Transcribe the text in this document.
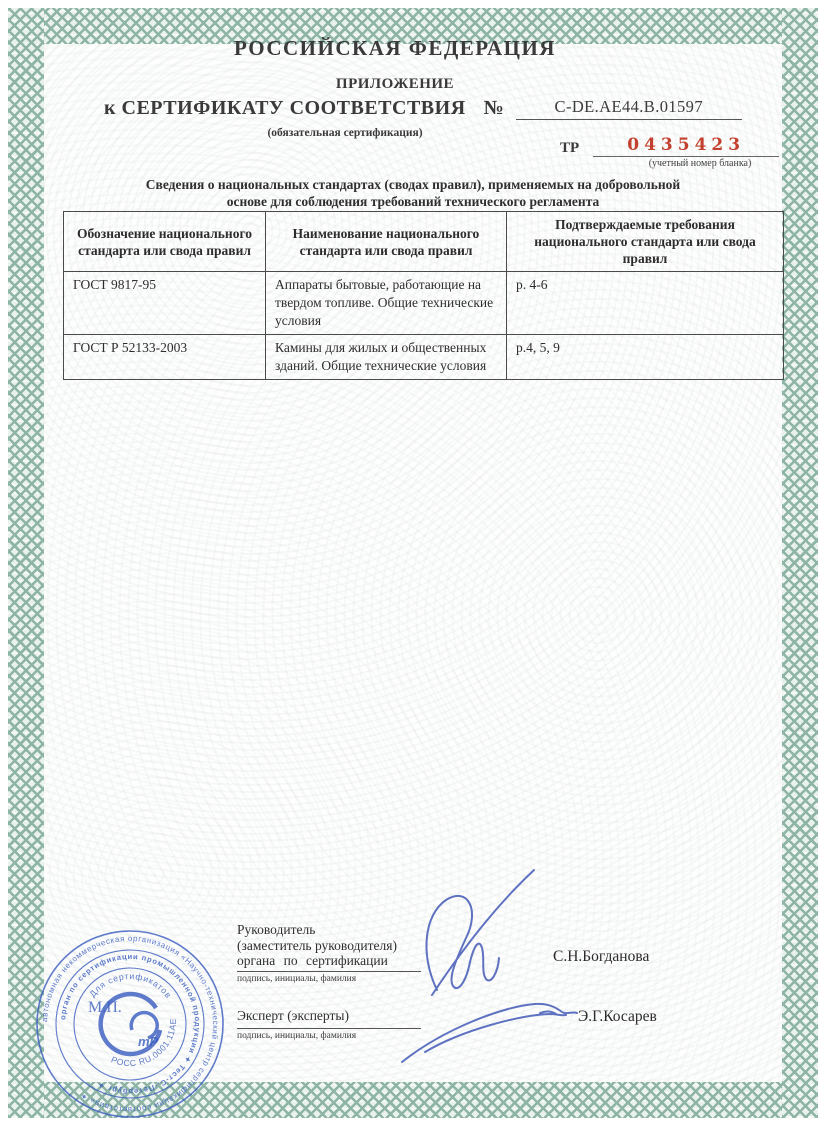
РОССИЙСКАЯ ФЕДЕРАЦИЯ
ПРИЛОЖЕНИЕ
к СЕРТИФИКАТУ СООТВЕТСТВИЯ №	C-DE.AE44.B.01597
(обязательная сертификация)
ТР	0435423
(учетный номер бланка)
Сведения о национальных стандартах (сводах правил), применяемых на добровольной
основе для соблюдения требований технического регламента
Обозначение национального стандарта или свода правил	Наименование национального стандарта или свода правил	Подтверждаемые требования национального стандарта или свода правил
ГОСТ 9817-95	Аппараты бытовые, работающие на твердом топливе. Общие технические условия	р. 4-6
ГОСТ Р 52133-2003	Камины для жилых и общественных зданий. Общие технические условия	р.4, 5, 9
Руководитель
(заместитель руководителя)
органа по сертификации
подпись, инициалы, фамилия
С.Н.Богданова
Эксперт (эксперты)
подпись, инициалы, фамилия
Э.Г.Косарев
автономная некоммерческая организация «Научно-технический центр сертификации соответствия» ✦
орган по сертификации промышленной продукции ✦ Тест-С.-Петербург ✦
Для сертификатов
РОСС RU.0001.11АЕ44
М.П.
тР
